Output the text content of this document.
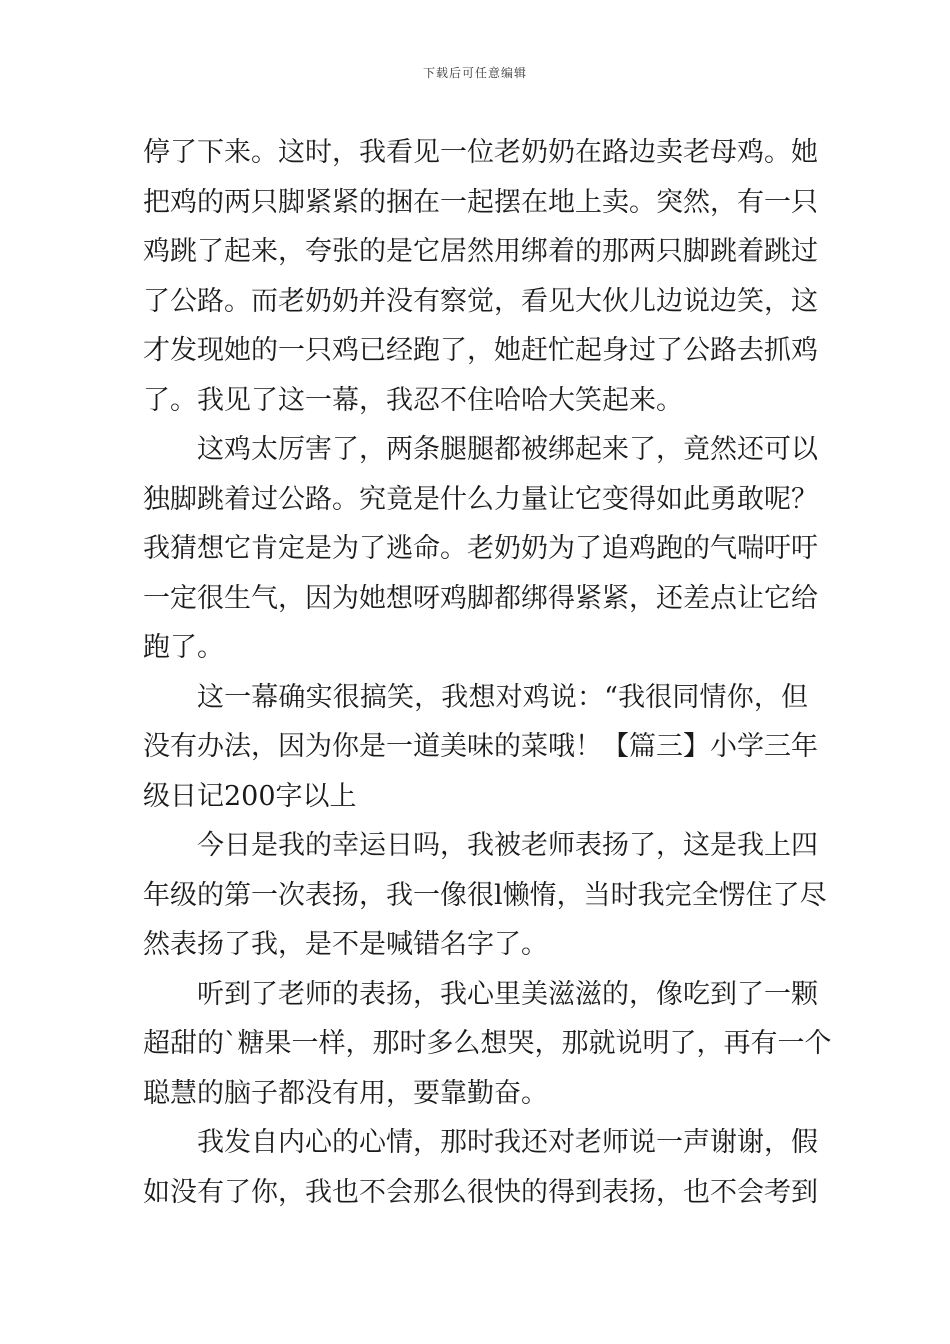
下载后可任意编辑
停了下来。这时，我看见一位老奶奶在路边卖老母鸡。她
把鸡的两只脚紧紧的捆在一起摆在地上卖。突然，有一只
鸡跳了起来，夸张的是它居然用绑着的那两只脚跳着跳过
了公路。而老奶奶并没有察觉，看见大伙儿边说边笑，这
才发现她的一只鸡已经跑了，她赶忙起身过了公路去抓鸡
了。我见了这一幕，我忍不住哈哈大笑起来。
这鸡太厉害了，两条腿腿都被绑起来了，竟然还可以
独脚跳着过公路。究竟是什么力量让它变得如此勇敢呢？
我猜想它肯定是为了逃命。老奶奶为了追鸡跑的气喘吁吁
一定很生气，因为她想呀鸡脚都绑得紧紧，还差点让它给
跑了。
这一幕确实很搞笑，我想对鸡说：“我很同情你，但
没有办法，因为你是一道美味的菜哦！【篇三】小学三年
级日记200字以上
今日是我的幸运日吗，我被老师表扬了，这是我上四
年级的第一次表扬，我一像很l懒惰，当时我完全愣住了尽
然表扬了我，是不是喊错名字了。
听到了老师的表扬，我心里美滋滋的，像吃到了一颗
超甜的`糖果一样，那时多么想哭，那就说明了，再有一个
聪慧的脑子都没有用，要靠勤奋。
我发自内心的心情，那时我还对老师说一声谢谢，假
如没有了你，我也不会那么很快的得到表扬，也不会考到
